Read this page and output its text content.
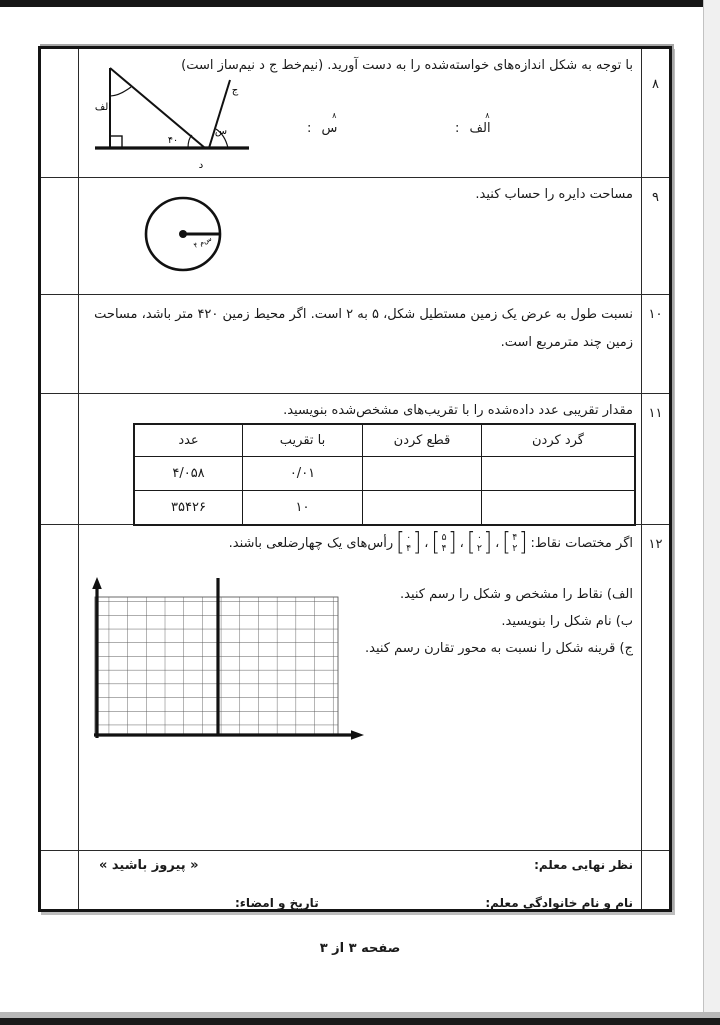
با توجه به شکل اندازه‌های خواسته‌شده را به دست آورید. (نیم‌خط ج د نیم‌ساز است)

الف
۴۰
س
د
ج
:
۸
س	:
۸
الف
۸

مساحت دایره را حساب کنید.

۴ س‌م
۹

نسبت طول به عرض یک زمین مستطیل شکل، ۵ به ۲ است. اگر محیط زمین ۴۲۰ متر باشد، مساحت زمین چند مترمربع است.

۱۰

مقدار تقریبی عدد داده‌شده را با تقریب‌های مشخص‌شده بنویسید.

عدد	با تقریب	قطع کردن	گرد کردن
۴/۰۵۸	۰/۰۱		
۳۵۴۲۶	۱۰		
۱۱
اگر مختصات نقاط:
[ ۴
۲ ]
،
[ ۰
۲ ]
،
[ ۵
۴ ]
،
[ ۰
۴ ]
رأس‌های یک چهارضلعی باشند.
الف) نقاط را مشخص و شکل را رسم کنید.
ب) نام شکل را بنویسید.
ج) قرینه شکل را نسبت به محور تقارن رسم کنید.
۱۲
نظر نهایی معلم:
« پیروز باشید »
نام و نام خانوادگی معلم:
تاریخ و امضاء:
صفحه ۳ از ۳
